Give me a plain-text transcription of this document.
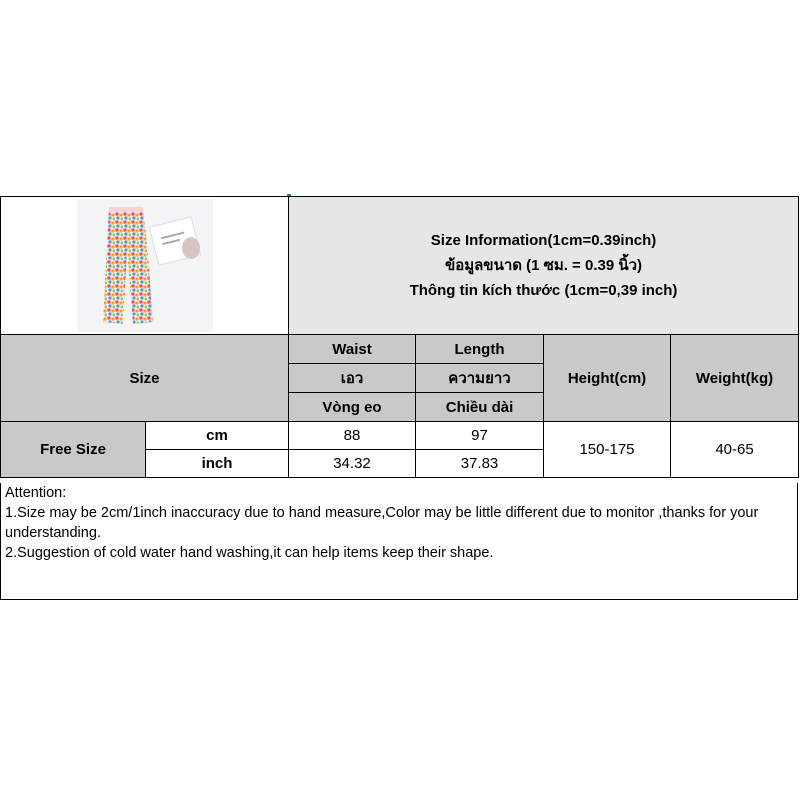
Size Information(1cm=0.39inch)
ข้อมูลขนาด (1 ซม. = 0.39 นิ้ว)
Thông tin kích thước (1cm=0,39 inch)			

Size		Waist	Length	Height(cm)	Weight(kg)
		เอว	ความยาว		
		Vòng eo	Chiều dài		
Free Size	cm	88	97	150-175	40-65
	inch	34.32	37.83		
Attention:
1.Size may be 2cm/1inch inaccuracy due to hand measure,Color may be little different due to monitor ,thanks for your understanding.
2.Suggestion of cold water hand washing,it can help items keep their shape.
